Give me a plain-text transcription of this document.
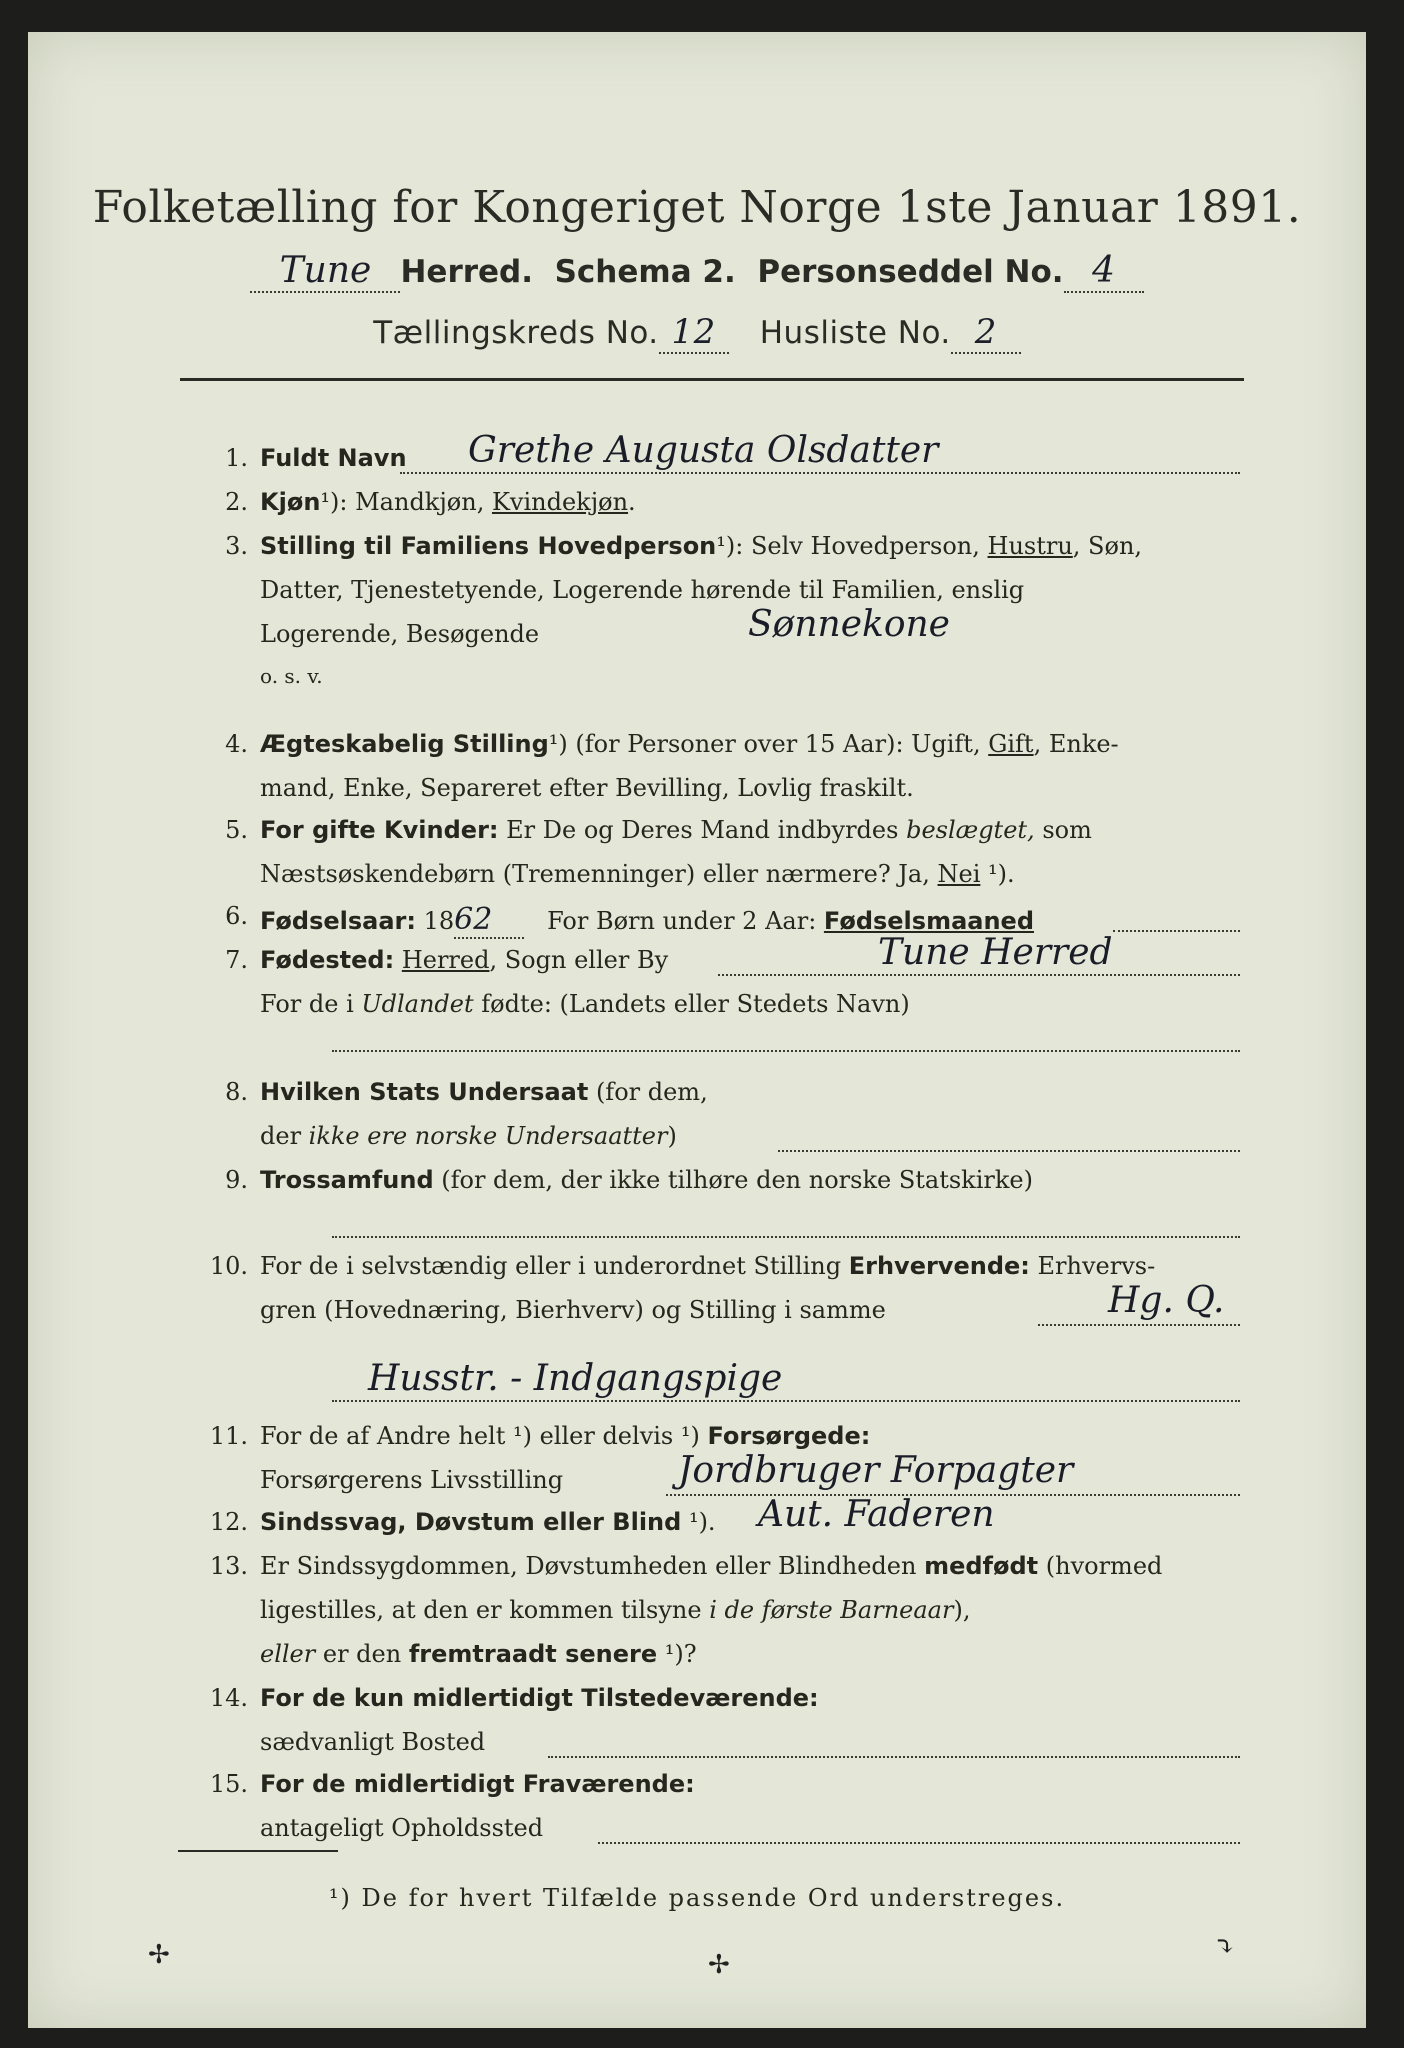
Folketælling for Kongeriget Norge 1ste Januar 1891.
Tune Herred. Schema 2. Personseddel No. 4
Tællingskreds No. 12 Husliste No. 2
1. Fuldt Navn	Grethe Augusta Olsdatter
2. Kjøn¹): Mandkjøn, Kvindekjøn.
3. Stilling til Familiens Hovedperson¹): Selv Hovedperson, Hustru, Søn,
Datter, Tjenestetyende, Logerende hørende til Familien, enslig
Logerende, Besøgende
o. s. v.
Sønnekone
4. Ægteskabelig Stilling¹) (for Personer over 15 Aar): Ugift, Gift, Enke-
mand, Enke, Separeret efter Bevilling, Lovlig fraskilt.
5. For gifte Kvinder: Er De og Deres Mand indbyrdes beslægtet, som
Næstsøskendebørn (Tremenninger) eller nærmere? Ja, Nei ¹).
6. Fødselsaar: 1862 For Børn under 2 Aar: Fødselsmaaned
7. Fødested: Herred, Sogn eller By	Tune Herred
For de i Udlandet fødte: (Landets eller Stedets Navn)
8. Hvilken Stats Undersaat (for dem,
der ikke ere norske Undersaatter)
9. Trossamfund (for dem, der ikke tilhøre den norske Statskirke)
10. For de i selvstændig eller i underordnet Stilling Erhvervende: Erhvervs-
gren (Hovednæring, Bierhverv) og Stilling i samme	Hg. Q.
Husstr. - Indgangspige
11. For de af Andre helt ¹) eller delvis ¹) Forsørgede:
Forsørgerens Livsstilling	Jordbruger Forpagter
12. Sindssvag, Døvstum eller Blind ¹).	Aut. Faderen
13. Er Sindssygdommen, Døvstumheden eller Blindheden medfødt (hvormed
ligestilles, at den er kommen tilsyne i de første Barneaar),
eller er den fremtraadt senere ¹)?
14. For de kun midlertidigt Tilstedeværende:
sædvanligt Bosted
15. For de midlertidigt Fraværende:
antageligt Opholdssted
¹) De for hvert Tilfælde passende Ord understreges.
✢	✢
⤵
